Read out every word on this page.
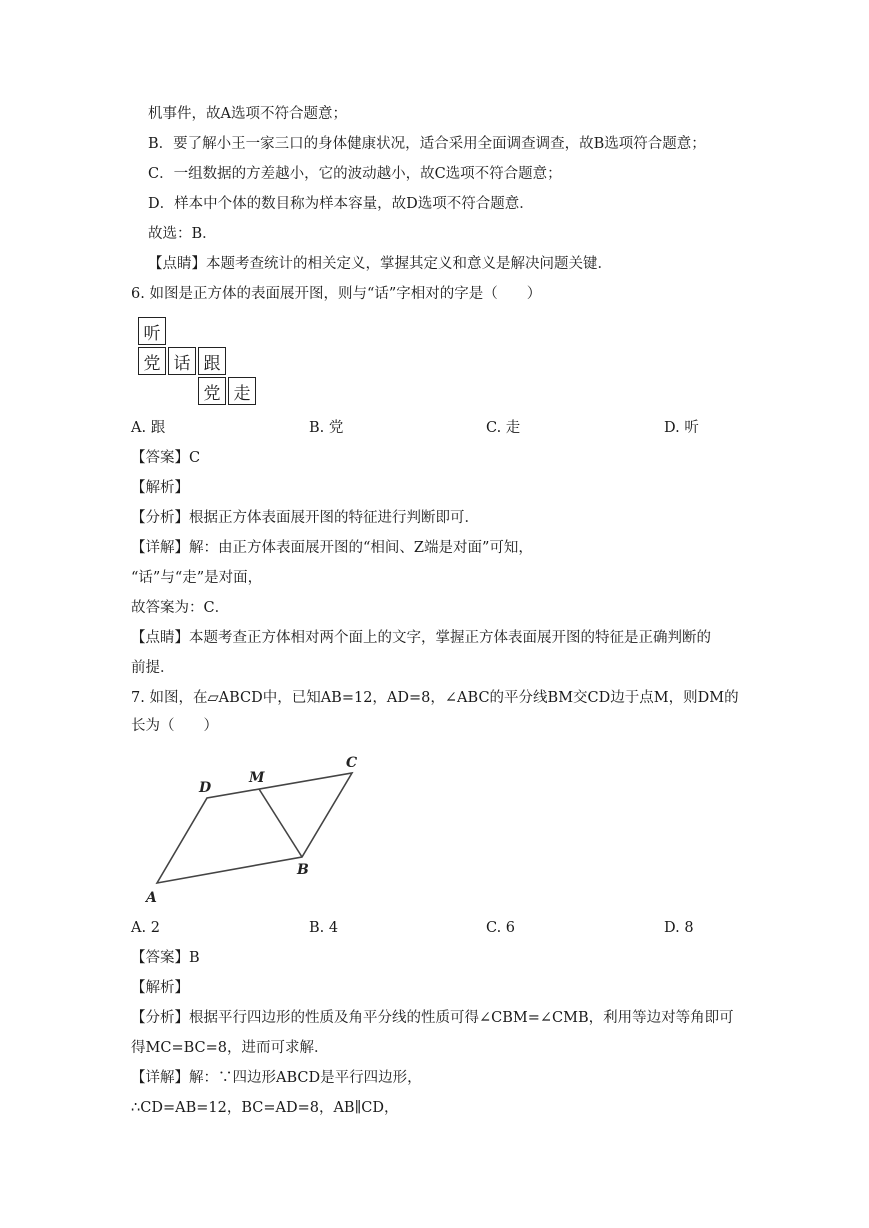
机事件，故A选项不符合题意；
B．要了解小王一家三口的身体健康状况，适合采用全面调查调查，故B选项符合题意；
C．一组数据的方差越小，它的波动越小，故C选项不符合题意；
D．样本中个体的数目称为样本容量，故D选项不符合题意．
故选：B．
【点睛】本题考查统计的相关定义，掌握其定义和意义是解决问题关键．
6. 如图是正方体的表面展开图，则与“话”字相对的字是（　　）
听
党 话 跟
党 走
A. 跟	B. 党	C. 走	D. 听
【答案】C
【解析】
【分析】根据正方体表面展开图的特征进行判断即可．
【详解】解：由正方体表面展开图的“相间、Z端是对面”可知，
“话”与“走”是对面，
故答案为：C．
【点睛】本题考查正方体相对两个面上的文字，掌握正方体表面展开图的特征是正确判断的
前提．
7. 如图，在▱ABCD中，已知AB=12，AD=8，∠ABC的平分线BM交CD边于点M，则DM的
长为（　　）
A
B
C
D
M
A. 2	B. 4	C. 6	D. 8
【答案】B
【解析】
【分析】根据平行四边形的性质及角平分线的性质可得∠CBM=∠CMB，利用等边对等角即可
得MC=BC=8，进而可求解．
【详解】解：∵四边形ABCD是平行四边形，
∴CD=AB=12，BC=AD=8，AB∥CD，
